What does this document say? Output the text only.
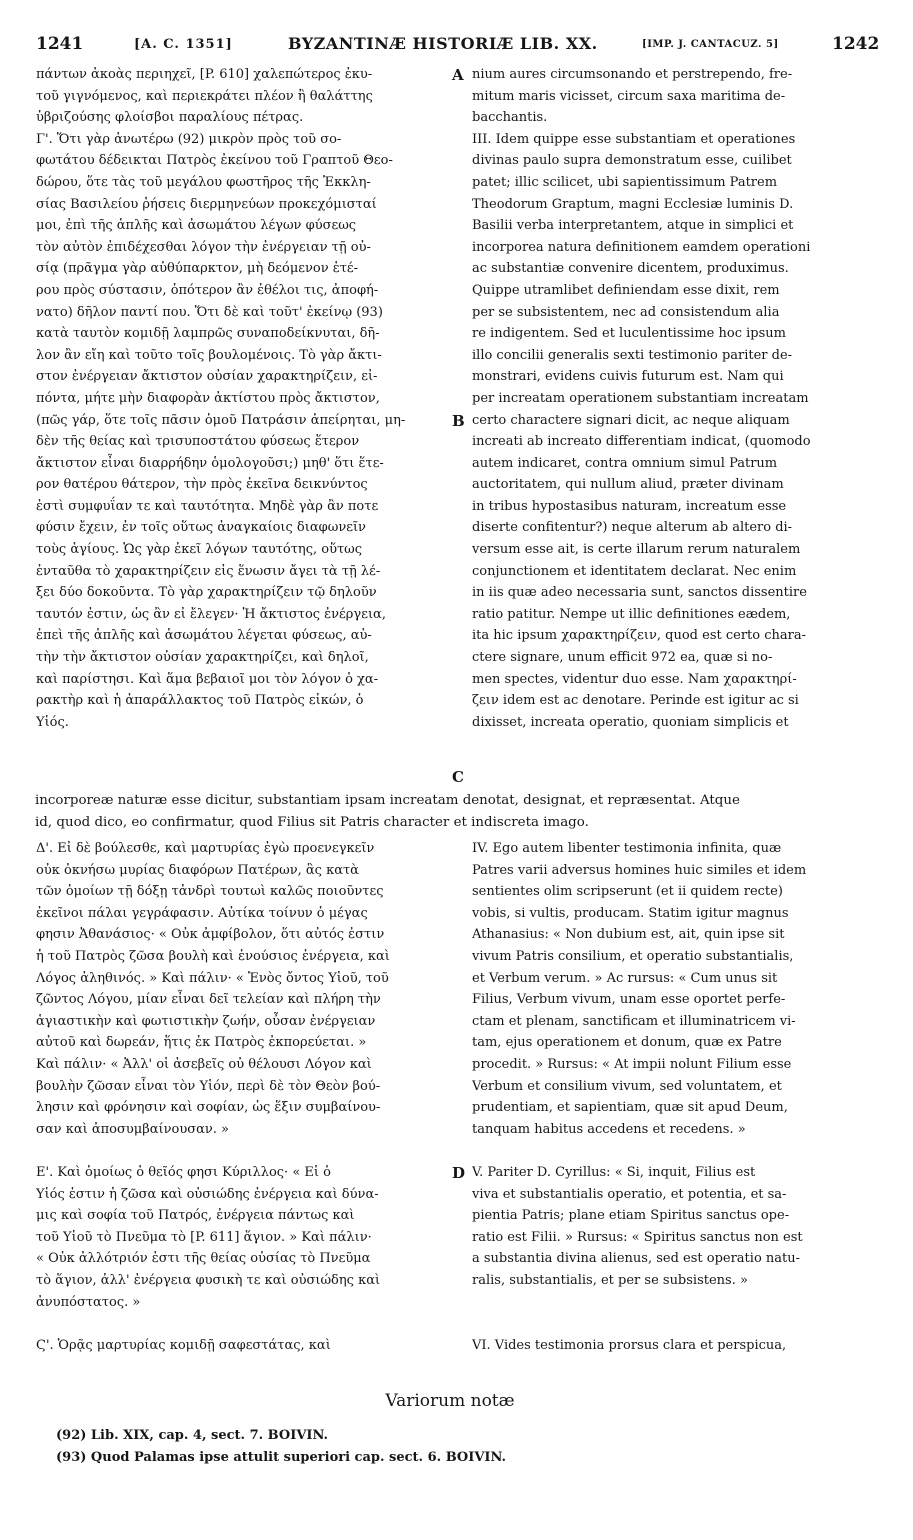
1241	[A. C. 1351]	BYZANTINÆ HISTORIÆ LIB. XX.	[IMP. J. CANTACUZ. 5]	1242
πάντων ἀκοὰς περιηχεῖ, [P. 610] χαλεπώτερος ἐκυ-
τοῦ γιγνόμενος, καὶ περιεκράτει πλέον ἢ θαλάττης
ὑβριζούσης φλοίσβοι παραλίους πέτρας.
Γ'. Ὅτι γὰρ ἀνωτέρω (92) μικρὸν πρὸς τοῦ σο-
φωτάτου δέδεικται Πατρὸς ἐκείνου τοῦ Γραπτοῦ Θεο-
δώρου, ὅτε τὰς τοῦ μεγάλου φωστῆρος τῆς Ἐκκλη-
σίας Βασιλείου ῥήσεις διερμηνεύων προκεχόμισταί
μοι, ἐπὶ τῆς ἁπλῆς καὶ ἀσωμάτου λέγων φύσεως
τὸν αὐτὸν ἐπιδέχεσθαι λόγον τὴν ἐνέργειαν τῇ οὐ-
σίᾳ (πρᾶγμα γὰρ αὐθύπαρκτον, μὴ δεόμενον ἑτέ-
ρου πρὸς σύστασιν, ὁπότερον ἂν ἐθέλοι τις, ἀποφή-
νατο) δῆλον παντί που. Ὅτι δὲ καὶ τοῦτ' ἐκείνῳ (93)
κατὰ ταυτὸν κομιδῇ λαμπρῶς συναποδείκνυται, δῆ-
λον ἂν εἴη καὶ τοῦτο τοῖς βουλομένοις. Τὸ γὰρ ἄκτι-
στον ἐνέργειαν ἄκτιστον οὐσίαν χαρακτηρίζειν, εἰ-
πόντα, μήτε μὴν διαφορὰν ἀκτίστου πρὸς ἄκτιστον,
(πῶς γάρ, ὅτε τοῖς πᾶσιν ὁμοῦ Πατράσιν ἀπείρηται, μη-
δὲν τῆς θείας καὶ τρισυποστάτου φύσεως ἕτερον
ἄκτιστον εἶναι διαρρήδην ὁμολογοῦσι;) μηθ' ὅτι ἕτε-
ρον θατέρου θάτερον, τὴν πρὸς ἐκεῖνα δεικνύντος
ἐστὶ συμφυΐαν τε καὶ ταυτότητα. Μηδὲ γὰρ ἂν ποτε
φύσιν ἔχειν, ἐν τοῖς οὕτως ἀναγκαίοις διαφωνεῖν
τοὺς ἁγίους. Ὡς γὰρ ἐκεῖ λόγων ταυτότης, οὕτως
ἐνταῦθα τὸ χαρακτηρίζειν εἰς ἕνωσιν ἄγει τὰ τῇ λέ-
ξει δύο δοκοῦντα. Τὸ γὰρ χαρακτηρίζειν τῷ δηλοῦν
ταυτόν ἐστιν, ὡς ἂν εἰ ἔλεγεν· Ἡ ἄκτιστος ἐνέργεια,
ἐπεὶ τῆς ἁπλῆς καὶ ἀσωμάτου λέγεται φύσεως, αὐ-
τὴν τὴν ἄκτιστον οὐσίαν χαρακτηρίζει, καὶ δηλοῖ,
καὶ παρίστησι. Καὶ ἅμα βεβαιοῖ μοι τὸν λόγον ὁ χα-
ρακτὴρ καὶ ἡ ἀπαράλλακτος τοῦ Πατρὸς εἰκών, ὁ
Υἱός.
nium aures circumsonando et perstrependo, fre-
mitum maris vicisset, circum saxa maritima de-
bacchantis.
III. Idem quippe esse substantiam et operationes
divinas paulo supra demonstratum esse, cuilibet
patet; illic scilicet, ubi sapientissimum Patrem
Theodorum Graptum, magni Ecclesiæ luminis D.
Basilii verba interpretantem, atque in simplici et
incorporea natura definitionem eamdem operationi
ac substantiæ convenire dicentem, produximus.
Quippe utramlibet definiendam esse dixit, rem
per se subsistentem, nec ad consistendum alia
re indigentem. Sed et luculentissime hoc ipsum
illo concilii generalis sexti testimonio pariter de-
monstrari, evidens cuivis futurum est. Nam qui
per increatam operationem substantiam increatam
certo charactere signari dicit, ac neque aliquam
increati ab increato differentiam indicat, (quomodo
autem indicaret, contra omnium simul Patrum
auctoritatem, qui nullum aliud, præter divinam
in tribus hypostasibus naturam, increatum esse
diserte confitentur?) neque alterum ab altero di-
versum esse ait, is certe illarum rerum naturalem
conjunctionem et identitatem declarat. Nec enim
in iis quæ adeo necessaria sunt, sanctos dissentire
ratio patitur. Nempe ut illic definitiones eædem,
ita hic ipsum χαρακτηρίζειν, quod est certo chara-
ctere signare, unum efficit 972 ea, quæ si no-
men spectes, videntur duo esse. Nam χαρακτηρί-
ζειν idem est ac denotare. Perinde est igitur ac si
dixisset, increata operatio, quoniam simplicis et
incorporeæ naturæ esse dicitur, substantiam ipsam increatam denotat, designat, et repræsentat. Atque
id, quod dico, eo confirmatur, quod Filius sit Patris character et indiscreta imago.
Δ'. Εἰ δὲ βούλεσθε, καὶ μαρτυρίας ἐγὼ προενεγκεῖν
οὐκ ὀκνήσω μυρίας διαφόρων Πατέρων, ἃς κατὰ
τῶν ὁμοίων τῇ δόξῃ τἀνδρὶ τουτωὶ καλῶς ποιοῦντες
ἐκεῖνοι πάλαι γεγράφασιν. Αὐτίκα τοίνυν ὁ μέγας
φησιν Ἀθανάσιος· « Οὐκ ἀμφίβολον, ὅτι αὐτός ἐστιν
ἡ τοῦ Πατρὸς ζῶσα βουλὴ καὶ ἐνούσιος ἐνέργεια, καὶ
Λόγος ἀληθινός. » Καὶ πάλιν· « Ἑνὸς ὄντος Υἱοῦ, τοῦ
ζῶντος Λόγου, μίαν εἶναι δεῖ τελείαν καὶ πλήρη τὴν
ἁγιαστικὴν καὶ φωτιστικὴν ζωήν, οὖσαν ἐνέργειαν
αὐτοῦ καὶ δωρεάν, ἥτις ἐκ Πατρὸς ἐκπορεύεται. »
Καὶ πάλιν· « Ἀλλ' οἱ ἀσεβεῖς οὐ θέλουσι Λόγον καὶ
βουλὴν ζῶσαν εἶναι τὸν Υἱόν, περὶ δὲ τὸν Θεὸν βού-
λησιν καὶ φρόνησιν καὶ σοφίαν, ὡς ἕξιν συμβαίνου-
σαν καὶ ἀποσυμβαίνουσαν. »
IV. Ego autem libenter testimonia infinita, quæ
Patres varii adversus homines huic similes et idem
sentientes olim scripserunt (et ii quidem recte)
vobis, si vultis, producam. Statim igitur magnus
Athanasius: « Non dubium est, ait, quin ipse sit
vivum Patris consilium, et operatio substantialis,
et Verbum verum. » Ac rursus: « Cum unus sit
Filius, Verbum vivum, unam esse oportet perfe-
ctam et plenam, sanctificam et illuminatricem vi-
tam, ejus operationem et donum, quæ ex Patre
procedit. » Rursus: « At impii nolunt Filium esse
Verbum et consilium vivum, sed voluntatem, et
prudentiam, et sapientiam, quæ sit apud Deum,
tanquam habitus accedens et recedens. »
Ε'. Καὶ ὁμοίως ὁ θεῖός φησι Κύριλλος· « Εἰ ὁ
Υἱός ἐστιν ἡ ζῶσα καὶ οὐσιώδης ἐνέργεια καὶ δύνα-
μις καὶ σοφία τοῦ Πατρός, ἐνέργεια πάντως καὶ
τοῦ Υἱοῦ τὸ Πνεῦμα τὸ [P. 611] ἅγιον. » Καὶ πάλιν·
« Οὐκ ἀλλότριόν ἐστι τῆς θείας οὐσίας τὸ Πνεῦμα
τὸ ἅγιον, ἀλλ' ἐνέργεια φυσικὴ τε καὶ οὐσιώδης καὶ
ἀνυπόστατος. »
Ϛ'. Ὁρᾷς μαρτυρίας κομιδῇ σαφεστάτας, καὶ
V. Pariter D. Cyrillus: « Si, inquit, Filius est
viva et substantialis operatio, et potentia, et sa-
pientia Patris; plane etiam Spiritus sanctus ope-
ratio est Filii. » Rursus: « Spiritus sanctus non est
a substantia divina alienus, sed est operatio natu-
ralis, substantialis, et per se subsistens. »
VI. Vides testimonia prorsus clara et perspicua,
A
B
C
D
Variorum notæ
(92) Lib. XIX, cap. 4, sect. 7. BOIVIN.
(93) Quod Palamas ipse attulit superiori cap. sect. 6. BOIVIN.
